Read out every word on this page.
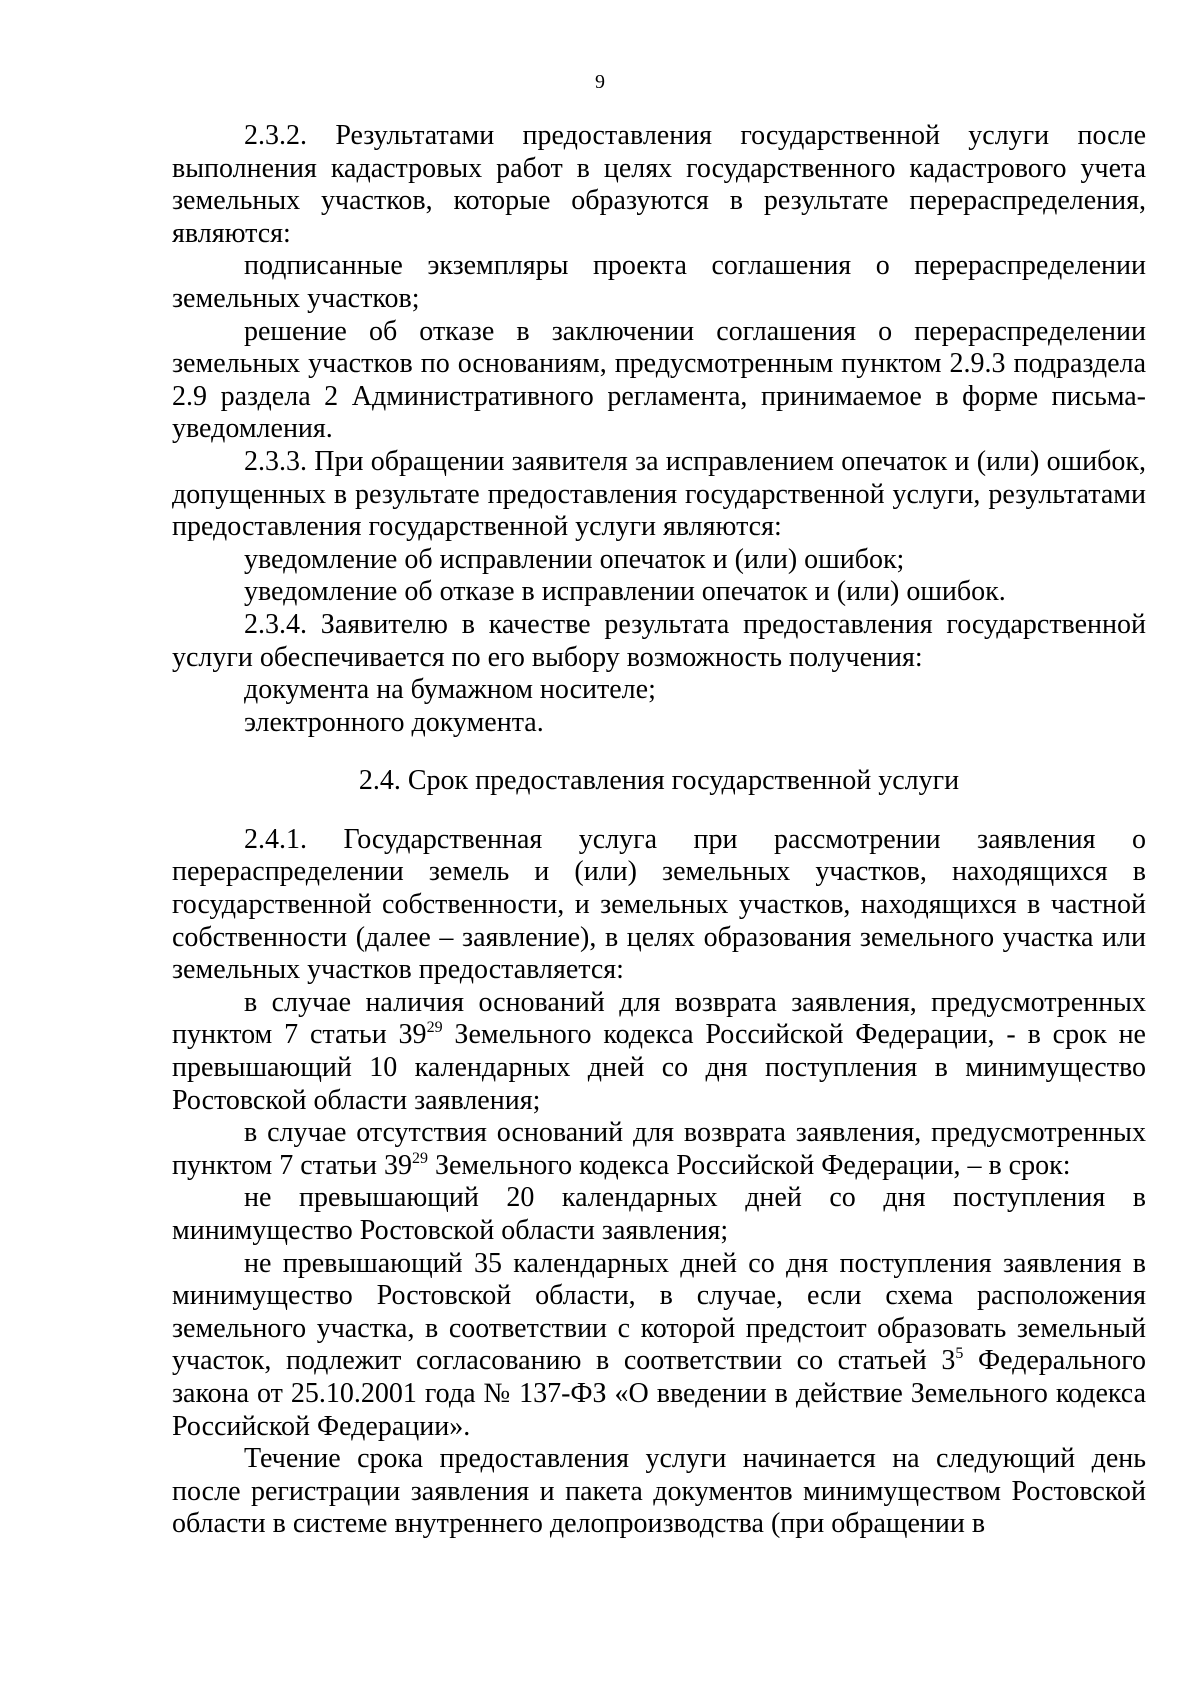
9

2.3.2. Результатами предоставления государственной услуги после выполнения кадастровых работ в целях государственного кадастрового учета земельных участков, которые образуются в результате перераспределения, являются:

подписанные экземпляры проекта соглашения о перераспределении земельных участков;

решение об отказе в заключении соглашения о перераспределении земельных участков по основаниям, предусмотренным пунктом 2.9.3 подраздела 2.9 раздела 2 Административного регламента, принимаемое в форме письма-уведомления.

2.3.3. При обращении заявителя за исправлением опечаток и (или) ошибок, допущенных в результате предоставления государственной услуги, результатами предоставления государственной услуги являются:

уведомление об исправлении опечаток и (или) ошибок;

уведомление об отказе в исправлении опечаток и (или) ошибок.

2.3.4. Заявителю в качестве результата предоставления государственной услуги обеспечивается по его выбору возможность получения:

документа на бумажном носителе;

электронного документа.

2.4. Срок предоставления государственной услуги

2.4.1. Государственная услуга при рассмотрении заявления о перераспределении земель и (или) земельных участков, находящихся в государственной собственности, и земельных участков, находящихся в частной собственности (далее – заявление), в целях образования земельного участка или земельных участков предоставляется:

в случае наличия оснований для возврата заявления, предусмотренных пунктом 7 статьи $39^{29}$ Земельного кодекса Российской Федерации, - в срок не превышающий 10 календарных дней со дня поступления в минимущество Ростовской области заявления;

в случае отсутствия оснований для возврата заявления, предусмотренных пунктом 7 статьи $39^{29}$ Земельного кодекса Российской Федерации, – в срок:

не превышающий 20 календарных дней со дня поступления в минимущество Ростовской области заявления;

не превышающий 35 календарных дней со дня поступления заявления в минимущество Ростовской области, в случае, если схема расположения земельного участка, в соответствии с которой предстоит образовать земельный участок, подлежит согласованию в соответствии со статьей $3^5$ Федерального закона от 25.10.2001 года № 137-ФЗ «О введении в действие Земельного кодекса Российской Федерации».

Течение срока предоставления услуги начинается на следующий день после регистрации заявления и пакета документов минимуществом Ростовской области в системе внутреннего делопроизводства (при обращении в
